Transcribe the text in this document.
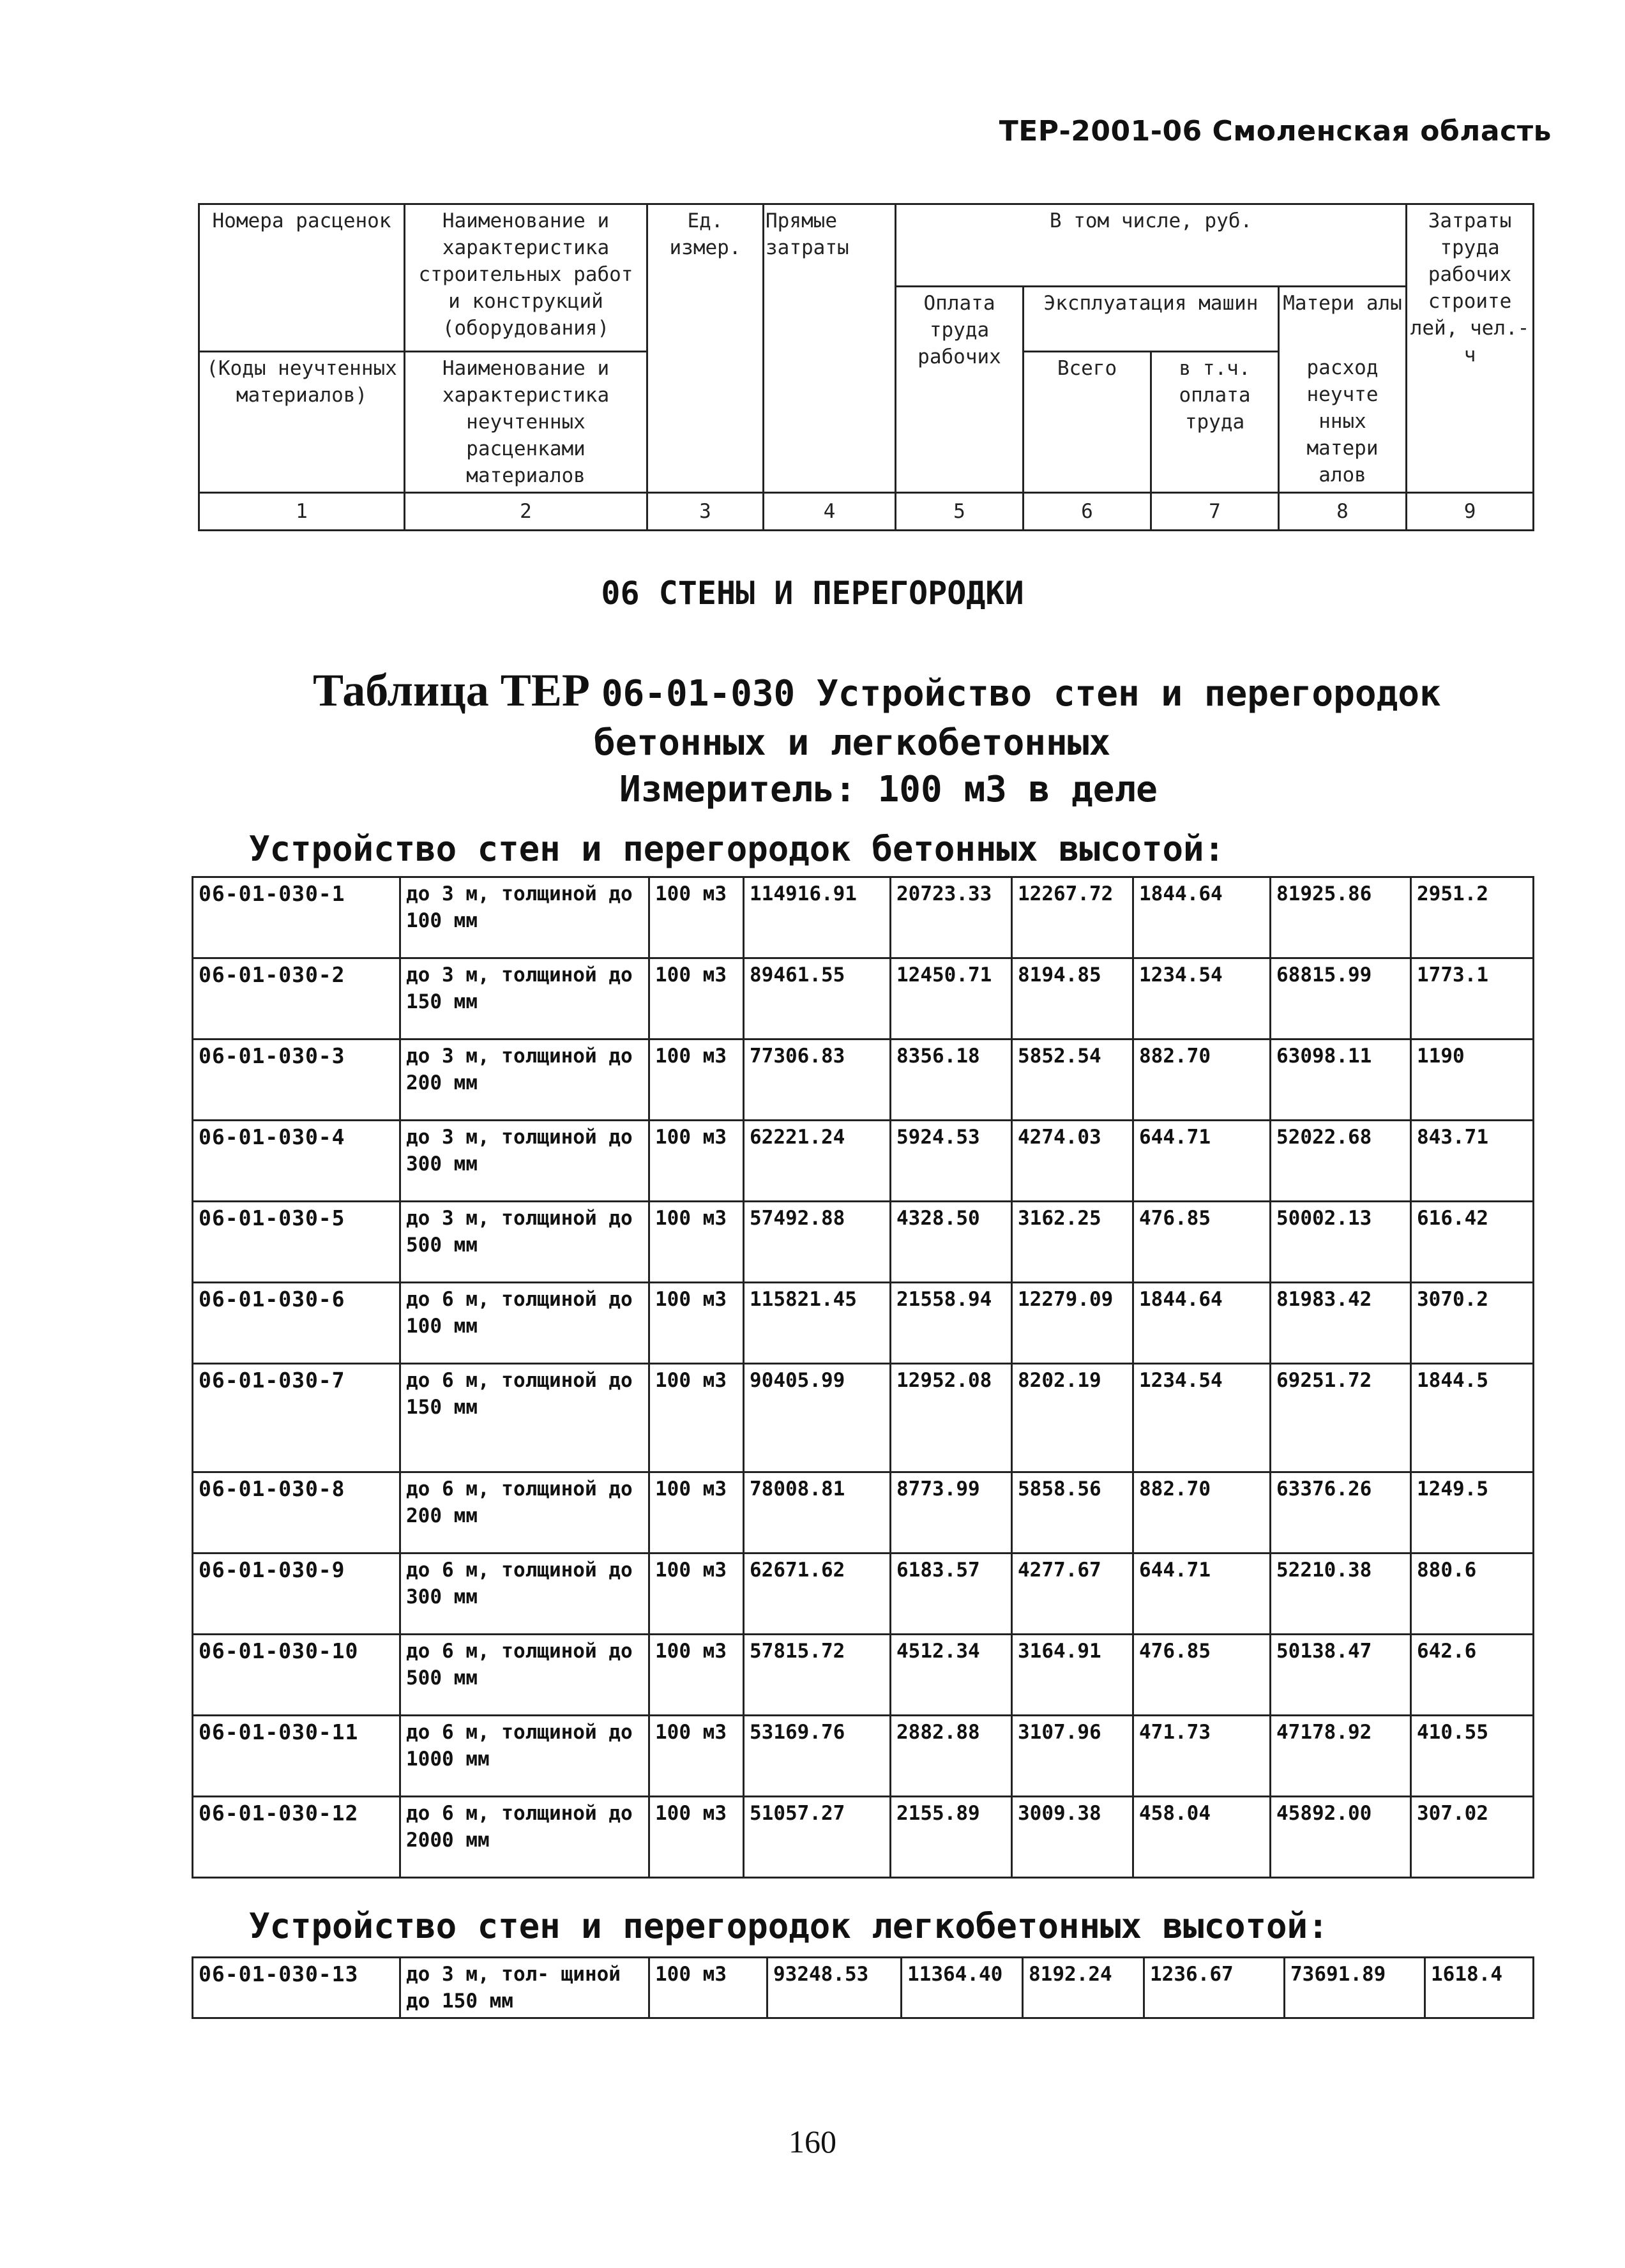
ТЕР-2001-06 Смоленская область
Номера расценок	Наименование и характеристика строительных работ и конструкций (оборудования)	Ед. измер.	Прямые затраты	В том числе, руб.				Затраты труда рабочих строите лей, чел.-ч
				Оплата труда рабочих	Эксплуатация машин		Матери алы	
(Коды неучтенных материалов)	Наименование и характеристика неучтенных расценками материалов				Всего	в т.ч. оплата труда	расход неучте нных матери алов	
1	2	3	4	5	6	7	8	9
06 СТЕНЫ И ПЕРЕГОРОДКИ
Таблица ТЕР 06-01-030 Устройство стен и перегородок
бетонных и легкобетонных
Измеритель: 100 м3 в деле
Устройство стен и перегородок бетонных высотой:
06-01-030-1	до 3 м, толщиной до 100 мм	100 м3	114916.91	20723.33	12267.72	1844.64	81925.86	2951.2
06-01-030-2	до 3 м, толщиной до 150 мм	100 м3	89461.55	12450.71	8194.85	1234.54	68815.99	1773.1
06-01-030-3	до 3 м, толщиной до 200 мм	100 м3	77306.83	8356.18	5852.54	882.70	63098.11	1190
06-01-030-4	до 3 м, толщиной до 300 мм	100 м3	62221.24	5924.53	4274.03	644.71	52022.68	843.71
06-01-030-5	до 3 м, толщиной до 500 мм	100 м3	57492.88	4328.50	3162.25	476.85	50002.13	616.42
06-01-030-6	до 6 м, толщиной до 100 мм	100 м3	115821.45	21558.94	12279.09	1844.64	81983.42	3070.2
06-01-030-7	до 6 м, толщиной до 150 мм	100 м3	90405.99	12952.08	8202.19	1234.54	69251.72	1844.5
06-01-030-8	до 6 м, толщиной до 200 мм	100 м3	78008.81	8773.99	5858.56	882.70	63376.26	1249.5
06-01-030-9	до 6 м, толщиной до 300 мм	100 м3	62671.62	6183.57	4277.67	644.71	52210.38	880.6
06-01-030-10	до 6 м, толщиной до 500 мм	100 м3	57815.72	4512.34	3164.91	476.85	50138.47	642.6
06-01-030-11	до 6 м, толщиной до 1000 мм	100 м3	53169.76	2882.88	3107.96	471.73	47178.92	410.55
06-01-030-12	до 6 м, толщиной до 2000 мм	100 м3	51057.27	2155.89	3009.38	458.04	45892.00	307.02
Устройство стен и перегородок легкобетонных высотой:
06-01-030-13	до 3 м, тол- щиной до 150 мм	100 м3	93248.53	11364.40	8192.24	1236.67	73691.89	1618.4
160
